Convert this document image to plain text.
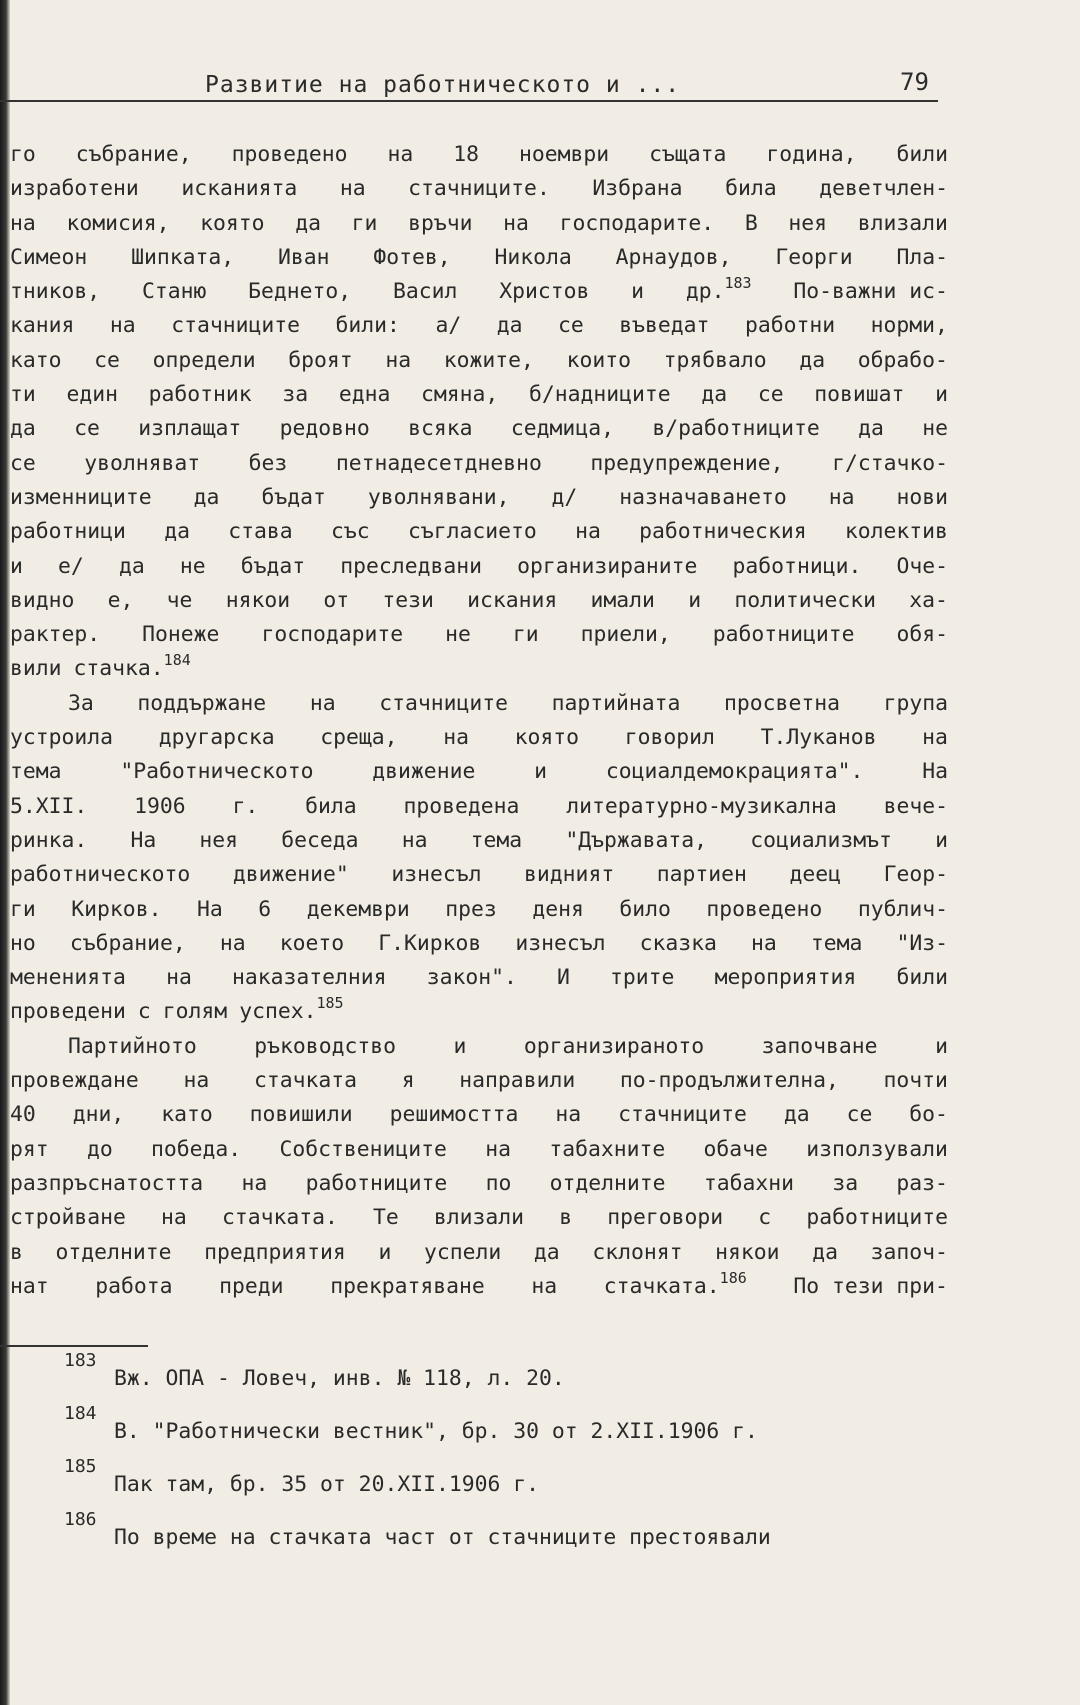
Развитие на работническото и ...	79
го събрание, проведено на 18 ноември същата година, били
изработени исканията на стачниците. Избрана била деветчлен-
на комисия, която да ги връчи на господарите. В нея влизали
Симеон Шипката, Иван Фотев, Никола Арнаудов, Георги Пла-
тников, Станю Беднето, Васил Христов и др.$^{183}$ По-важни ис-
кания на стачниците били: а/ да се въведат работни норми,
като се определи броят на кожите, които трябвало да обрабо-
ти един работник за една смяна, б/надниците да се повишат и
да се изплащат редовно всяка седмица, в/работниците да не
се уволняват без петнадесетдневно предупреждение, г/стачко-
изменниците да бъдат уволнявани, д/ назначаването на нови
работници да става със съгласието на работническия колектив
и е/ да не бъдат преследвани организираните работници. Оче-
видно е, че някои от тези искания имали и политически ха-
рактер. Понеже господарите не ги приели, работниците обя-
вили стачка.$^{184}$
За поддържане на стачниците партийната просветна група
устроила другарска среща, на която говорил Т.Луканов на
тема	"Работническото	движение	и	социалдемокрацията".	На
5.XII. 1906 г. била проведена литературно-музикална вече-
ринка. На нея беседа на тема "Държавата, социализмът и
работническото движение" изнесъл видният партиен деец Геор-
ги Кирков. На 6 декември през деня било проведено публич-
но събрание, на което Г.Кирков изнесъл сказка на тема "Из-
мененията на наказателния закон". И трите мероприятия били
проведени с голям успех.$^{185}$
Партийното	ръководство	и	организираното	започване	и
провеждане на стачката я направили по-продължителна, почти
40 дни, като повишили решимостта на стачниците да се бо-
рят до победа. Собствениците на табахните обаче използували
разпръснатостта на работниците по отделните табахни за раз-
стройване на стачката. Те влизали в преговори с работниците
в отделните предприятия и успели да склонят някои да започ-
нат работа преди прекратяване на стачката.$^{186}$ По тези при-
183
Вж. ОПА - Ловеч, инв. № 118, л. 20.
184
В. "Работнически вестник", бр. 30 от 2.XII.1906 г.
185
Пак там, бр. 35 от 20.XII.1906 г.
186
По време на стачката част от стачниците престоявали
